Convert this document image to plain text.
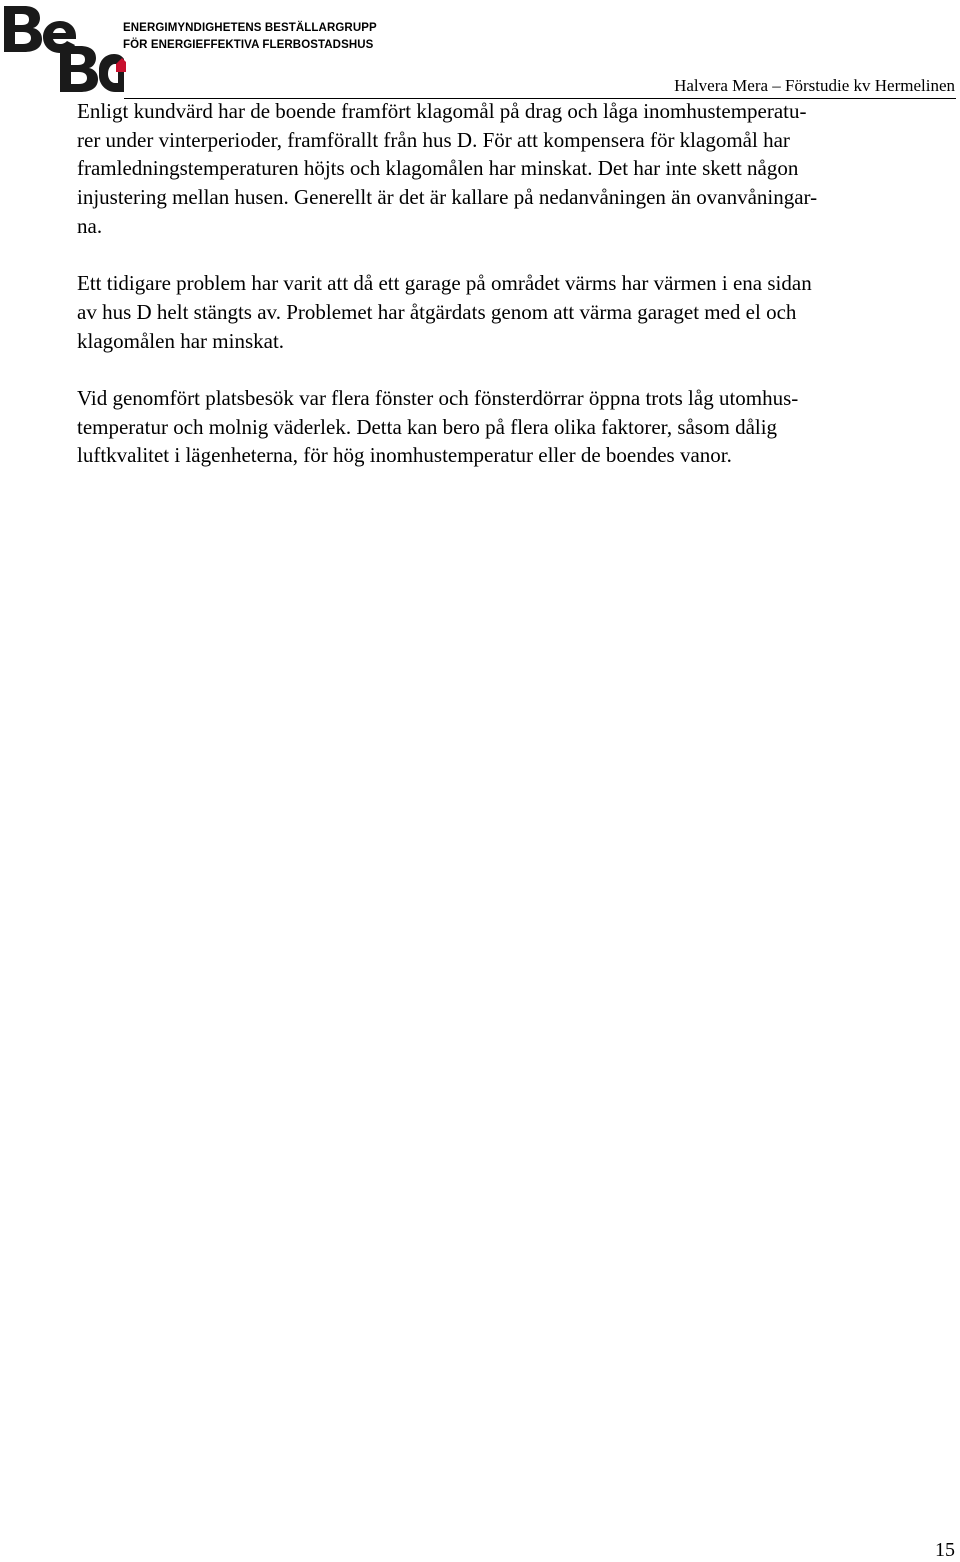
ENERGIMYNDIGHETENS BESTÄLLARGRUPP
FÖR ENERGIEFFEKTIVA FLERBOSTADSHUS
Halvera Mera – Förstudie kv Hermelinen

Enligt kundvärd har de boende framfört klagomål på drag och låga inomhustemperatu-
rer under vinterperioder, framförallt från hus D. För att kompensera för klagomål har
framledningstemperaturen höjts och klagomålen har minskat. Det har inte skett någon
injustering mellan husen. Generellt är det är kallare på nedanvåningen än ovanvåningar-
na.

Ett tidigare problem har varit att då ett garage på området värms har värmen i ena sidan
av hus D helt stängts av. Problemet har åtgärdats genom att värma garaget med el och
klagomålen har minskat.

Vid genomfört platsbesök var flera fönster och fönsterdörrar öppna trots låg utomhus-
temperatur och molnig väderlek. Detta kan bero på flera olika faktorer, såsom dålig
luftkvalitet i lägenheterna, för hög inomhustemperatur eller de boendes vanor.

15
